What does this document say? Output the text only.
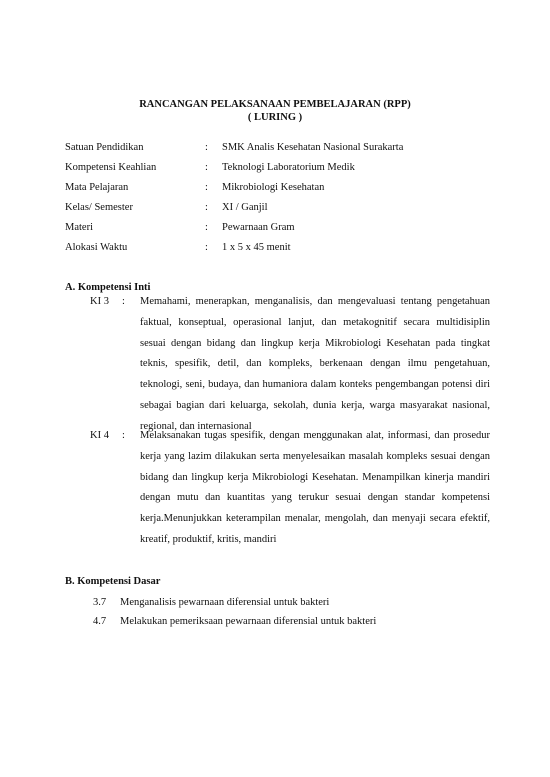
RANCANGAN PELAKSANAAN PEMBELAJARAN (RPP)
( LURING )
Satuan Pendidikan	: SMK Analis Kesehatan Nasional Surakarta
Kompetensi Keahlian	: Teknologi Laboratorium Medik
Mata Pelajaran	: Mikrobiologi Kesehatan
Kelas/ Semester	: XI / Ganjil
Materi	: Pewarnaan Gram
Alokasi Waktu	: 1 x 5 x 45 menit
A. Kompetensi Inti
KI 3 : Memahami, menerapkan, menganalisis, dan mengevaluasi tentang pengetahuan faktual, konseptual, operasional lanjut, dan metakognitif secara multidisiplin sesuai dengan bidang dan lingkup kerja Mikrobiologi Kesehatan pada tingkat teknis, spesifik, detil, dan kompleks, berkenaan dengan ilmu pengetahuan, teknologi, seni, budaya, dan humaniora dalam konteks pengembangan potensi diri sebagai bagian dari keluarga, sekolah, dunia kerja, warga masyarakat nasional, regional, dan internasional
KI 4 : Melaksanakan tugas spesifik, dengan menggunakan alat, informasi, dan prosedur kerja yang lazim dilakukan serta menyelesaikan masalah kompleks sesuai dengan bidang dan lingkup kerja Mikrobiologi Kesehatan. Menampilkan kinerja mandiri dengan mutu dan kuantitas yang terukur sesuai dengan standar kompetensi kerja.Menunjukkan keterampilan menalar, mengolah, dan menyaji secara efektif, kreatif, produktif, kritis, mandiri
B. Kompetensi Dasar
3.7 Menganalisis pewarnaan diferensial untuk bakteri
4.7 Melakukan pemeriksaan pewarnaan diferensial untuk bakteri
